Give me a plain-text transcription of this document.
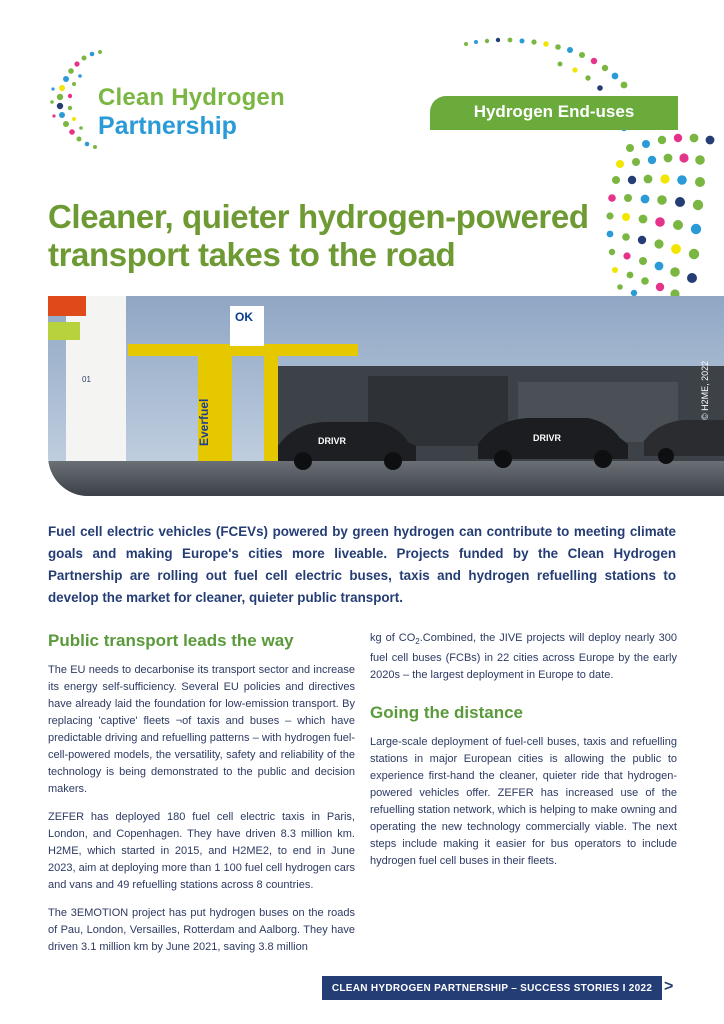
Clean Hydrogen
Partnership
Hydrogen End-uses
Cleaner, quieter hydrogen-powered transport takes to the road
01
OK
DRIVR	DRIVR
Everfuel
© H2ME, 2022

Fuel cell electric vehicles (FCEVs) powered by green hydrogen can contribute to meeting climate goals and making Europe's cities more liveable. Projects funded by the Clean Hydrogen Partnership are rolling out fuel cell electric buses, taxis and hydrogen refuelling stations to develop the market for cleaner, quieter public transport.

Public transport leads the way

The EU needs to decarbonise its transport sector and increase its energy self-sufficiency. Several EU policies and directives have already laid the foundation for low-emission transport. By replacing 'captive' fleets ¬of taxis and buses – which have predictable driving and refuelling patterns – with hydrogen fuel-cell-powered models, the versatility, safety and reliability of the technology is being demonstrated to the public and decision makers.

ZEFER has deployed 180 fuel cell electric taxis in Paris, London, and Copenhagen. They have driven 8.3 million km. H2ME, which started in 2015, and H2ME2, to end in June 2023, aim at deploying more than 1 100 fuel cell hydrogen cars and vans and 49 refuelling stations across 8 countries.

The 3EMOTION project has put hydrogen buses on the roads of Pau, London, Versailles, Rotterdam and Aalborg. They have driven 3.1 million km by June 2021, saving 3.8 million

kg of $CO_2.Combined$, the JIVE projects will deploy nearly 300 fuel cell buses (FCBs) in 22 cities across Europe by the early 2020s – the largest deployment in Europe to date.

Going the distance

Large-scale deployment of fuel-cell buses, taxis and refuelling stations in major European cities is allowing the public to experience first-hand the cleaner, quieter ride that hydrogen-powered vehicles offer. ZEFER has increased use of the refuelling station network, which is helping to make owning and operating the new technology commercially viable. The next steps include making it easier for bus operators to include hydrogen fuel cell buses in their fleets.

CLEAN HYDROGEN PARTNERSHIP – SUCCESS STORIES I 2022 >
